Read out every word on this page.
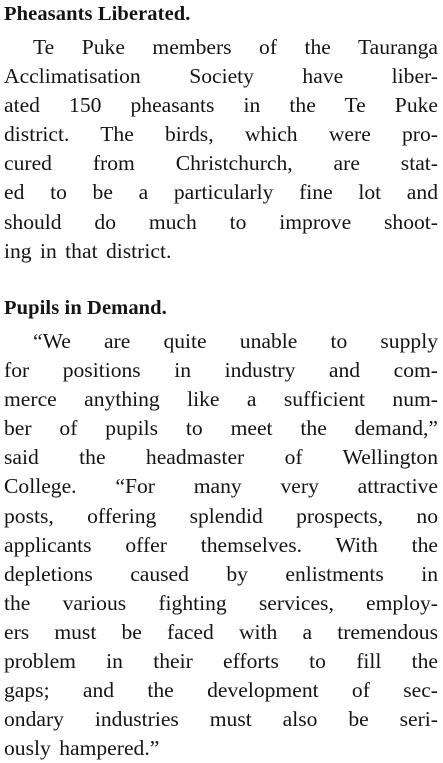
Pheasants Liberated.
Te Puke members of the Tauranga
Acclimatisation Society have liber-
ated 150 pheasants in the Te Puke
district. The birds, which were pro-
cured from Christchurch, are stat-
ed to be a particularly fine lot and
should do much to improve shoot-
ing in that district.
Pupils in Demand.
“We are quite unable to supply
for positions in industry and com-
merce anything like a sufficient num-
ber of pupils to meet the demand,”
said the headmaster of Wellington
College. “For many very attractive
posts, offering splendid prospects, no
applicants offer themselves. With the
depletions caused by enlistments in
the various fighting services, employ-
ers must be faced with a tremendous
problem in their efforts to fill the
gaps; and the development of sec-
ondary industries must also be seri-
ously hampered.”
